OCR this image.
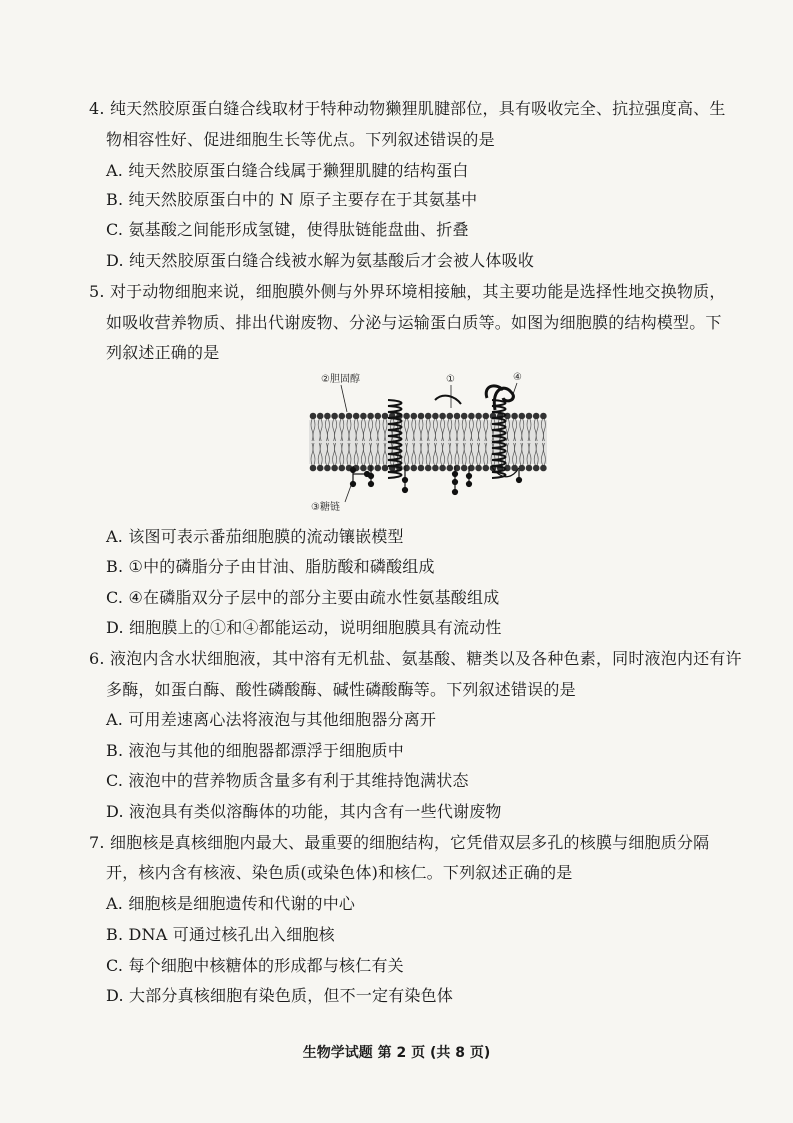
4. 纯天然胶原蛋白缝合线取材于特种动物獭狸肌腱部位，具有吸收完全、抗拉强度高、生
物相容性好、促进细胞生长等优点。下列叙述错误的是
A. 纯天然胶原蛋白缝合线属于獭狸肌腱的结构蛋白
B. 纯天然胶原蛋白中的 N 原子主要存在于其氨基中
C. 氨基酸之间能形成氢键，使得肽链能盘曲、折叠
D. 纯天然胶原蛋白缝合线被水解为氨基酸后才会被人体吸收
5. 对于动物细胞来说，细胞膜外侧与外界环境相接触，其主要功能是选择性地交换物质，
如吸收营养物质、排出代谢废物、分泌与运输蛋白质等。如图为细胞膜的结构模型。下
列叙述正确的是
②胆固醇	①	④
③糖链
A. 该图可表示番茄细胞膜的流动镶嵌模型
B. ①中的磷脂分子由甘油、脂肪酸和磷酸组成
C. ④在磷脂双分子层中的部分主要由疏水性氨基酸组成
D. 细胞膜上的①和④都能运动，说明细胞膜具有流动性
6. 液泡内含水状细胞液，其中溶有无机盐、氨基酸、糖类以及各种色素，同时液泡内还有许
多酶，如蛋白酶、酸性磷酸酶、碱性磷酸酶等。下列叙述错误的是
A. 可用差速离心法将液泡与其他细胞器分离开
B. 液泡与其他的细胞器都漂浮于细胞质中
C. 液泡中的营养物质含量多有利于其维持饱满状态
D. 液泡具有类似溶酶体的功能，其内含有一些代谢废物
7. 细胞核是真核细胞内最大、最重要的细胞结构，它凭借双层多孔的核膜与细胞质分隔
开，核内含有核液、染色质(或染色体)和核仁。下列叙述正确的是
A. 细胞核是细胞遗传和代谢的中心
B. DNA 可通过核孔出入细胞核
C. 每个细胞中核糖体的形成都与核仁有关
D. 大部分真核细胞有染色质，但不一定有染色体
生物学试题 第 2 页 (共 8 页)
